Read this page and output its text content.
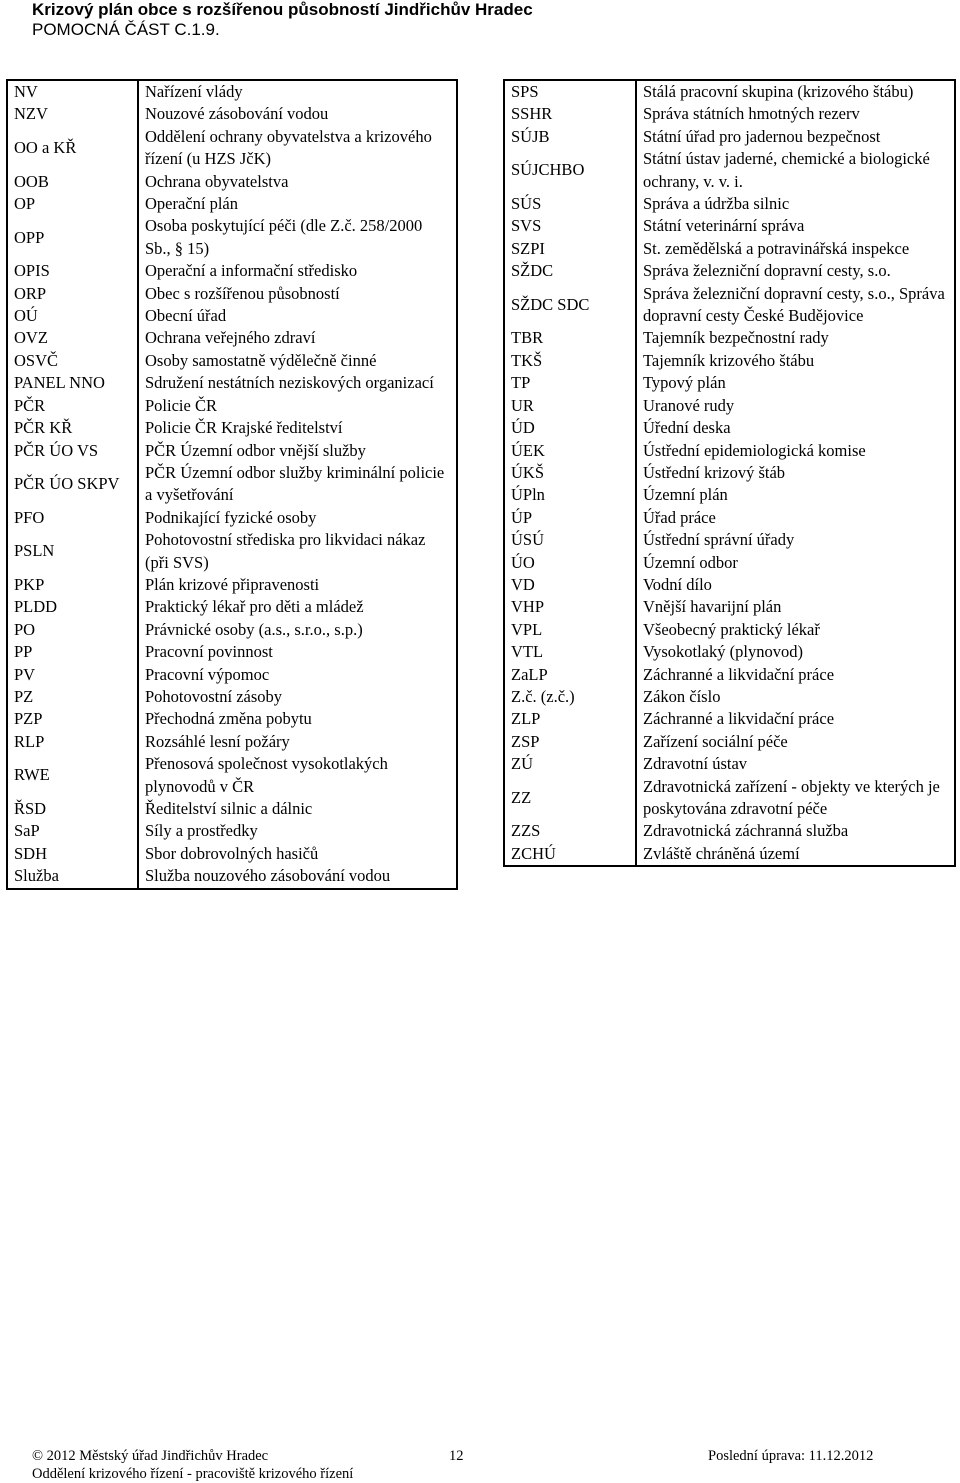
Krizový plán obce s rozšířenou působností Jindřichův Hradec
POMOCNÁ ČÁST C.1.9.
NV	Nařízení vlády
NZV	Nouzové zásobování vodou
OO a KŘ	Oddělení ochrany obyvatelstva a krizového řízení (u HZS JčK)
OOB	Ochrana obyvatelstva
OP	Operační plán
OPP	Osoba poskytující péči (dle Z.č. 258/2000 Sb., § 15)
OPIS	Operační a informační středisko
ORP	Obec s rozšířenou působností
OÚ	Obecní úřad
OVZ	Ochrana veřejného zdraví
OSVČ	Osoby samostatně výdělečně činné
PANEL NNO	Sdružení nestátních neziskových organizací
PČR	Policie ČR
PČR KŘ	Policie ČR Krajské ředitelství
PČR ÚO VS	PČR Územní odbor vnější služby
PČR ÚO SKPV	PČR Územní odbor služby kriminální policie a vyšetřování
PFO	Podnikající fyzické osoby
PSLN	Pohotovostní střediska pro likvidaci nákaz (při SVS)
PKP	Plán krizové připravenosti
PLDD	Praktický lékař pro děti a mládež
PO	Právnické osoby (a.s., s.r.o., s.p.)
PP	Pracovní povinnost
PV	Pracovní výpomoc
PZ	Pohotovostní zásoby
PZP	Přechodná změna pobytu
RLP	Rozsáhlé lesní požáry
RWE	Přenosová společnost vysokotlakých plynovodů v ČR
ŘSD	Ředitelství silnic a dálnic
SaP	Síly a prostředky
SDH	Sbor dobrovolných hasičů
Služba	Služba nouzového zásobování vodou
SPS	Stálá pracovní skupina (krizového štábu)
SSHR	Správa státních hmotných rezerv
SÚJB	Státní úřad pro jadernou bezpečnost
SÚJCHBO	Státní ústav jaderné, chemické a biologické ochrany, v. v. i.
SÚS	Správa a údržba silnic
SVS	Státní veterinární správa
SZPI	St. zemědělská a potravinářská inspekce
SŽDC	Správa železniční dopravní cesty, s.o.
SŽDC SDC	Správa železniční dopravní cesty, s.o., Správa dopravní cesty České Budějovice
TBR	Tajemník bezpečnostní rady
TKŠ	Tajemník krizového štábu
TP	Typový plán
UR	Uranové rudy
ÚD	Úřední deska
ÚEK	Ústřední epidemiologická komise
ÚKŠ	Ústřední krizový štáb
ÚPln	Územní plán
ÚP	Úřad práce
ÚSÚ	Ústřední správní úřady
ÚO	Územní odbor
VD	Vodní dílo
VHP	Vnější havarijní plán
VPL	Všeobecný praktický lékař
VTL	Vysokotlaký (plynovod)
ZaLP	Záchranné a likvidační práce
Z.č. (z.č.)	Zákon číslo
ZLP	Záchranné a likvidační práce
ZSP	Zařízení sociální péče
ZÚ	Zdravotní ústav
ZZ	Zdravotnická zařízení - objekty ve kterých je poskytována zdravotní péče
ZZS	Zdravotnická záchranná služba
ZCHÚ	Zvláště chráněná území
© 2012 Městský úřad Jindřichův Hradec	12	Poslední úprava: 11.12.2012
Oddělení krizového řízení - pracoviště krizového řízení
